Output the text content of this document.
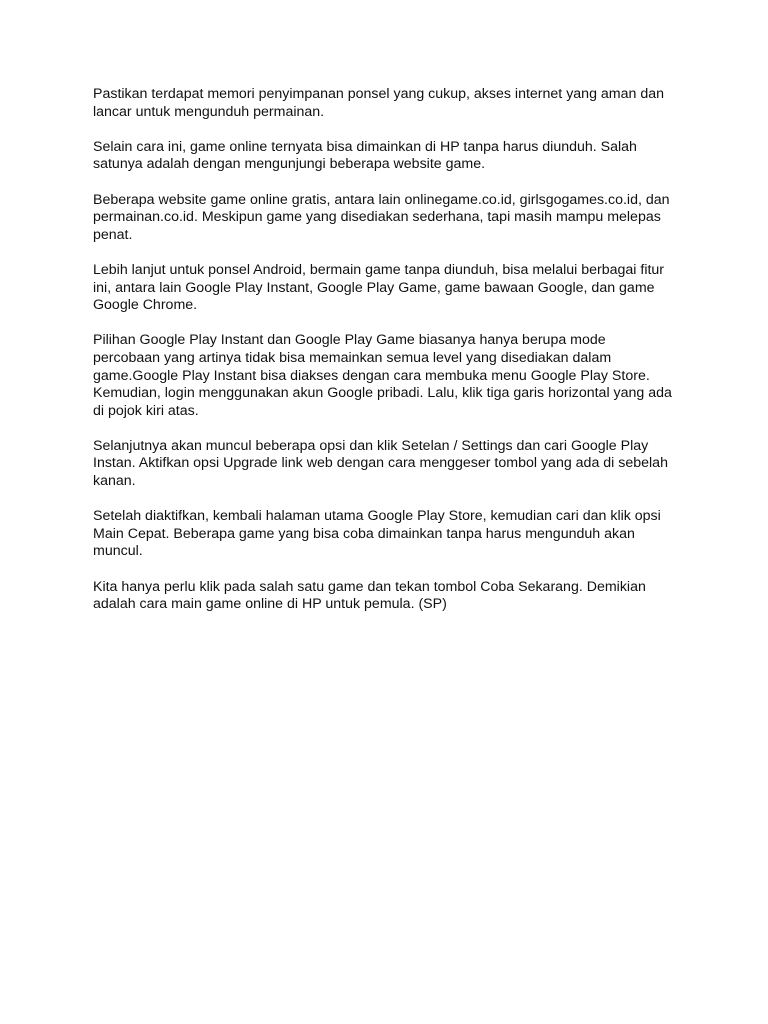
Pastikan terdapat memori penyimpanan ponsel yang cukup, akses internet yang aman dan
lancar untuk mengunduh permainan.

Selain cara ini, game online ternyata bisa dimainkan di HP tanpa harus diunduh. Salah
satunya adalah dengan mengunjungi beberapa website game.

Beberapa website game online gratis, antara lain onlinegame.co.id, girlsgogames.co.id, dan
permainan.co.id. Meskipun game yang disediakan sederhana, tapi masih mampu melepas
penat.

Lebih lanjut untuk ponsel Android, bermain game tanpa diunduh, bisa melalui berbagai fitur
ini, antara lain Google Play Instant, Google Play Game, game bawaan Google, dan game
Google Chrome.

Pilihan Google Play Instant dan Google Play Game biasanya hanya berupa mode
percobaan yang artinya tidak bisa memainkan semua level yang disediakan dalam
game.Google Play Instant bisa diakses dengan cara membuka menu Google Play Store.
Kemudian, login menggunakan akun Google pribadi. Lalu, klik tiga garis horizontal yang ada
di pojok kiri atas.

Selanjutnya akan muncul beberapa opsi dan klik Setelan / Settings dan cari Google Play
Instan. Aktifkan opsi Upgrade link web dengan cara menggeser tombol yang ada di sebelah
kanan.

Setelah diaktifkan, kembali halaman utama Google Play Store, kemudian cari dan klik opsi
Main Cepat. Beberapa game yang bisa coba dimainkan tanpa harus mengunduh akan
muncul.

Kita hanya perlu klik pada salah satu game dan tekan tombol Coba Sekarang. Demikian
adalah cara main game online di HP untuk pemula. (SP)
